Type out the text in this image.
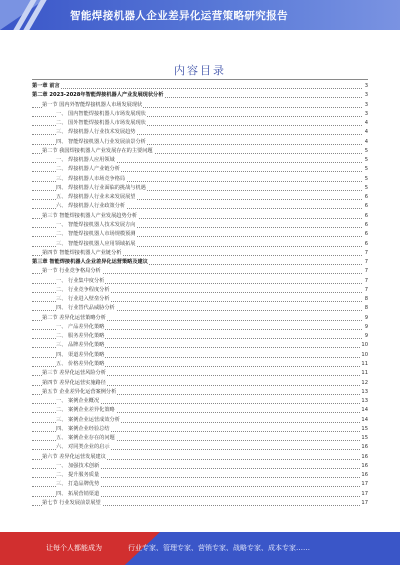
智能焊接机器人企业差异化运营策略研究报告
内容目录
第一章 前言	3
第二章 2023-2028年智能焊接机器人产业发展现状分析	3
第一节 国内外智能焊接机器人市场发展现状	3
一、 国内智能焊接机器人市场发展现状	3
二、 国外智能焊接机器人市场发展现状	4
三、 焊接机器人行业技术发展趋势	4
四、 智能焊接机器人行业发展前景分析	4
第二节 我国焊接机器人产业发展存在的主要问题	5
一、 焊接机器人应用领域	5
二、 焊接机器人产业链分析	5
三、 焊接机器人市场竞争格局	5
四、 焊接机器人行业面临的挑战与机遇	5
五、 焊接机器人行业未来发展展望	6
六、 焊接机器人行业政策分析	6
第三节 智能焊接机器人产业发展趋势分析	6
一、 智能焊接机器人技术发展方向	6
二、 智能焊接机器人市场规模预测	6
三、 智能焊接机器人应用领域拓展	6
第四节 智能焊接机器人产业链分析	7
第三章 智能焊接机器人企业差异化运营策略及建议	7
第一节 行业竞争格局分析	7
一、 行业集中度分析	7
二、 行业竞争程度分析	7
三、 行业进入壁垒分析	8
四、 行业替代品威胁分析	8
第二节 差异化运营策略分析	9
一、 产品差异化策略	9
二、 服务差异化策略	9
三、 品牌差异化策略	10
四、 渠道差异化策略	10
五、 价格差异化策略	11
第三节 差异化运营风险分析	11
第四节 差异化运营实施路径	12
第五节 企业差异化运营案例分析	13
一、 案例企业概况	13
二、 案例企业差异化策略	14
三、 案例企业运营成效分析	14
四、 案例企业经验总结	15
五、 案例企业存在的问题	15
六、 对同类企业的启示	16
第六节 差异化运营发展建议	16
一、 加强技术创新	16
二、 提升服务质量	16
三、 打造品牌优势	17
四、 拓展营销渠道	17
第七节 行业发展前景展望	17
让每个人都能成为	行业专家、管理专家、营销专家、战略专家、成本专家……
